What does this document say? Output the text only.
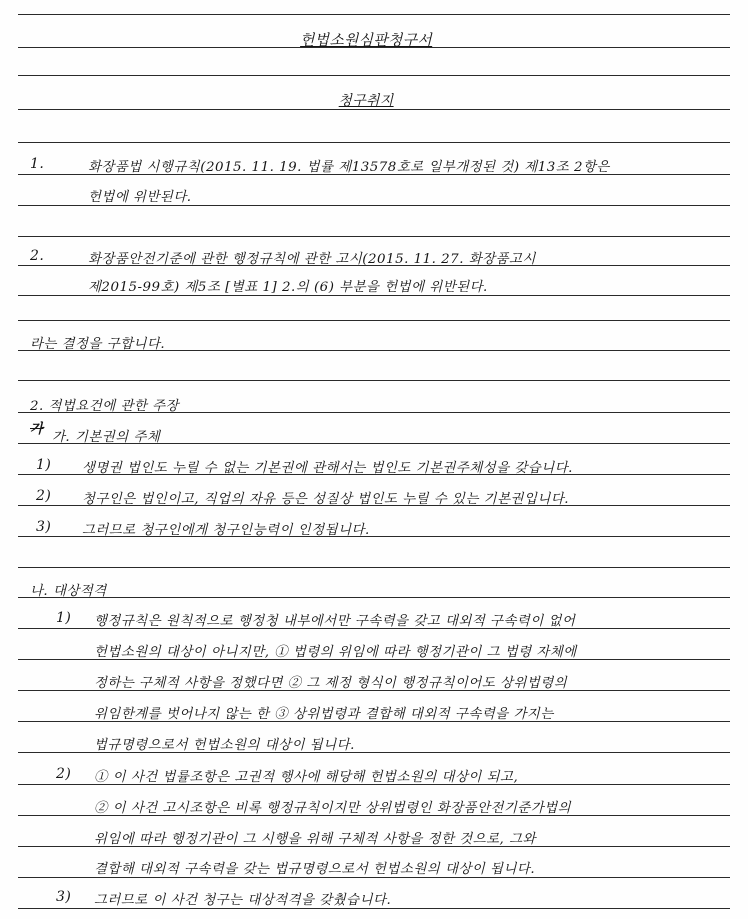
헌법소원심판청구서
청구취지
1.	화장품법 시행규칙(2015. 11. 19. 법률 제13578호로 일부개정된 것) 제13조 2항은
헌법에 위반된다.
2.	화장품안전기준에 관한 행정규칙에 관한 고시(2015. 11. 27. 화장품고시
제2015-99호) 제5조 [별표 1] 2.의 (6) 부분을 헌법에 위반된다.
라는 결정을 구합니다.
2. 적법요건에 관한 주장
가
가. 기본권의 주체
1) 생명권 법인도 누릴 수 없는 기본권에 관해서는 법인도 기본권주체성을 갖습니다.
2) 청구인은 법인이고, 직업의 자유 등은 성질상 법인도 누릴 수 있는 기본권입니다.
3) 그러므로 청구인에게 청구인능력이 인정됩니다.
나. 대상적격
1) 행정규칙은 원칙적으로 행정청 내부에서만 구속력을 갖고 대외적 구속력이 없어
헌법소원의 대상이 아니지만, ① 법령의 위임에 따라 행정기관이 그 법령 자체에
정하는 구체적 사항을 정했다면 ② 그 제정 형식이 행정규칙이어도 상위법령의
위임한계를 벗어나지 않는 한 ③ 상위법령과 결합해 대외적 구속력을 가지는
법규명령으로서 헌법소원의 대상이 됩니다.
2) ① 이 사건 법률조항은 고권적 행사에 해당해 헌법소원의 대상이 되고,
② 이 사건 고시조항은 비록 행정규칙이지만 상위법령인 화장품안전기준가법의
위임에 따라 행정기관이 그 시행을 위해 구체적 사항을 정한 것으로, 그와
결합해 대외적 구속력을 갖는 법규명령으로서 헌법소원의 대상이 됩니다.
3) 그러므로 이 사건 청구는 대상적격을 갖췄습니다.
